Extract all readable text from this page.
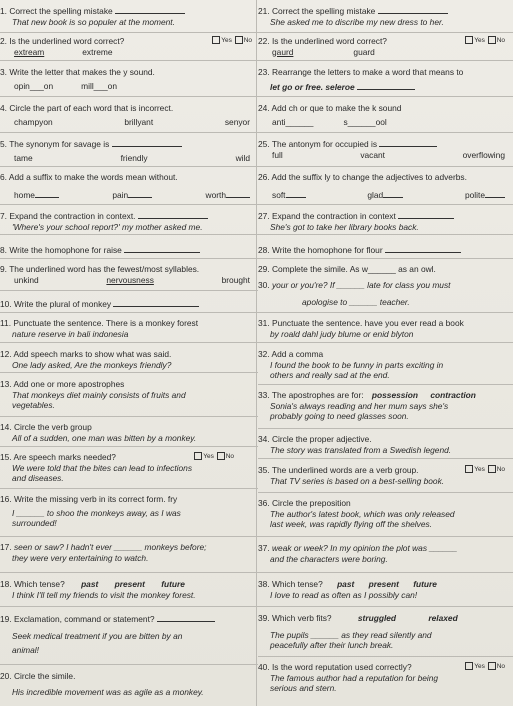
1. Correct the spelling mistake
That new book is so populer at the moment.
2. Is the underlined word correct?	Yes No
extream	extreme
3. Write the letter that makes the y sound.
opin___on	mill___on
4. Circle the part of each word that is incorrect.
champyon	brillyant	senyor
5. The synonym for savage is
tame	friendly	wild
6. Add a suffix to make the words mean without.
home	pain	worth
7. Expand the contraction in context.
'Where's your school report?' my mother asked me.
8. Write the homophone for raise
9. The underlined word has the fewest/most syllables.
unkind	nervousness	brought
10. Write the plural of monkey
11. Punctuate the sentence. There is a monkey forest
nature reserve in bali indonesia
12. Add speech marks to show what was said.
One lady asked, Are the monkeys friendly?
13. Add one or more apostrophes
That monkeys diet mainly consists of fruits and
vegetables.
14. Circle the verb group
All of a sudden, one man was bitten by a monkey.
15. Are speech marks needed?	Yes No
We were told that the bites can lead to infections
and diseases.
16. Write the missing verb in its correct form. fry
I ______ to shoo the monkeys away, as I was
surrounded!
17. seen or saw? I hadn't ever ______ monkeys before;
they were very entertaining to watch.
18. Which tense? past present future
I think I'll tell my friends to visit the monkey forest.
19. Exclamation, command or statement?
Seek medical treatment if you are bitten by an
animal!
20. Circle the simile.
His incredible movement was as agile as a monkey.
21. Correct the spelling mistake
She asked me to discribe my new dress to her.
22. Is the underlined word correct?	Yes No
gaurd	guard
23. Rearrange the letters to make a word that means to
let go or free. seleroe
24. Add ch or que to make the k sound
anti______	s______ool
25. The antonym for occupied is
full	vacant	overflowing
26. Add the suffix ly to change the adjectives to adverbs.
soft	glad	polite
27. Expand the contraction in context
She's got to take her library books back.
28. Write the homophone for flour
29. Complete the simile. As w______ as an owl.
30. your or you're? If ______ late for class you must
apologise to ______ teacher.
31. Punctuate the sentence. have you ever read a book
by roald dahl judy blume or enid blyton
32. Add a comma
I found the book to be funny in parts exciting in
others and really sad at the end.
33. The apostrophes are for: possession contraction
Sonia's always reading and her mum says she's
probably going to need glasses soon.
34. Circle the proper adjective.
The story was translated from a Swedish legend.
35. The underlined words are a verb group.	Yes No
That TV series is based on a best-selling book.
36. Circle the preposition
The author's latest book, which was only released
last week, was rapidly flying off the shelves.
37. weak or week? In my opinion the plot was ______
and the characters were boring.
38. Which tense? past present future
I love to read as often as I possibly can!
39. Which verb fits?	struggled	relaxed
The pupils ______ as they read silently and
peacefully after their lunch break.
40. Is the word reputation used correctly?	Yes No
The famous author had a reputation for being
serious and stern.
